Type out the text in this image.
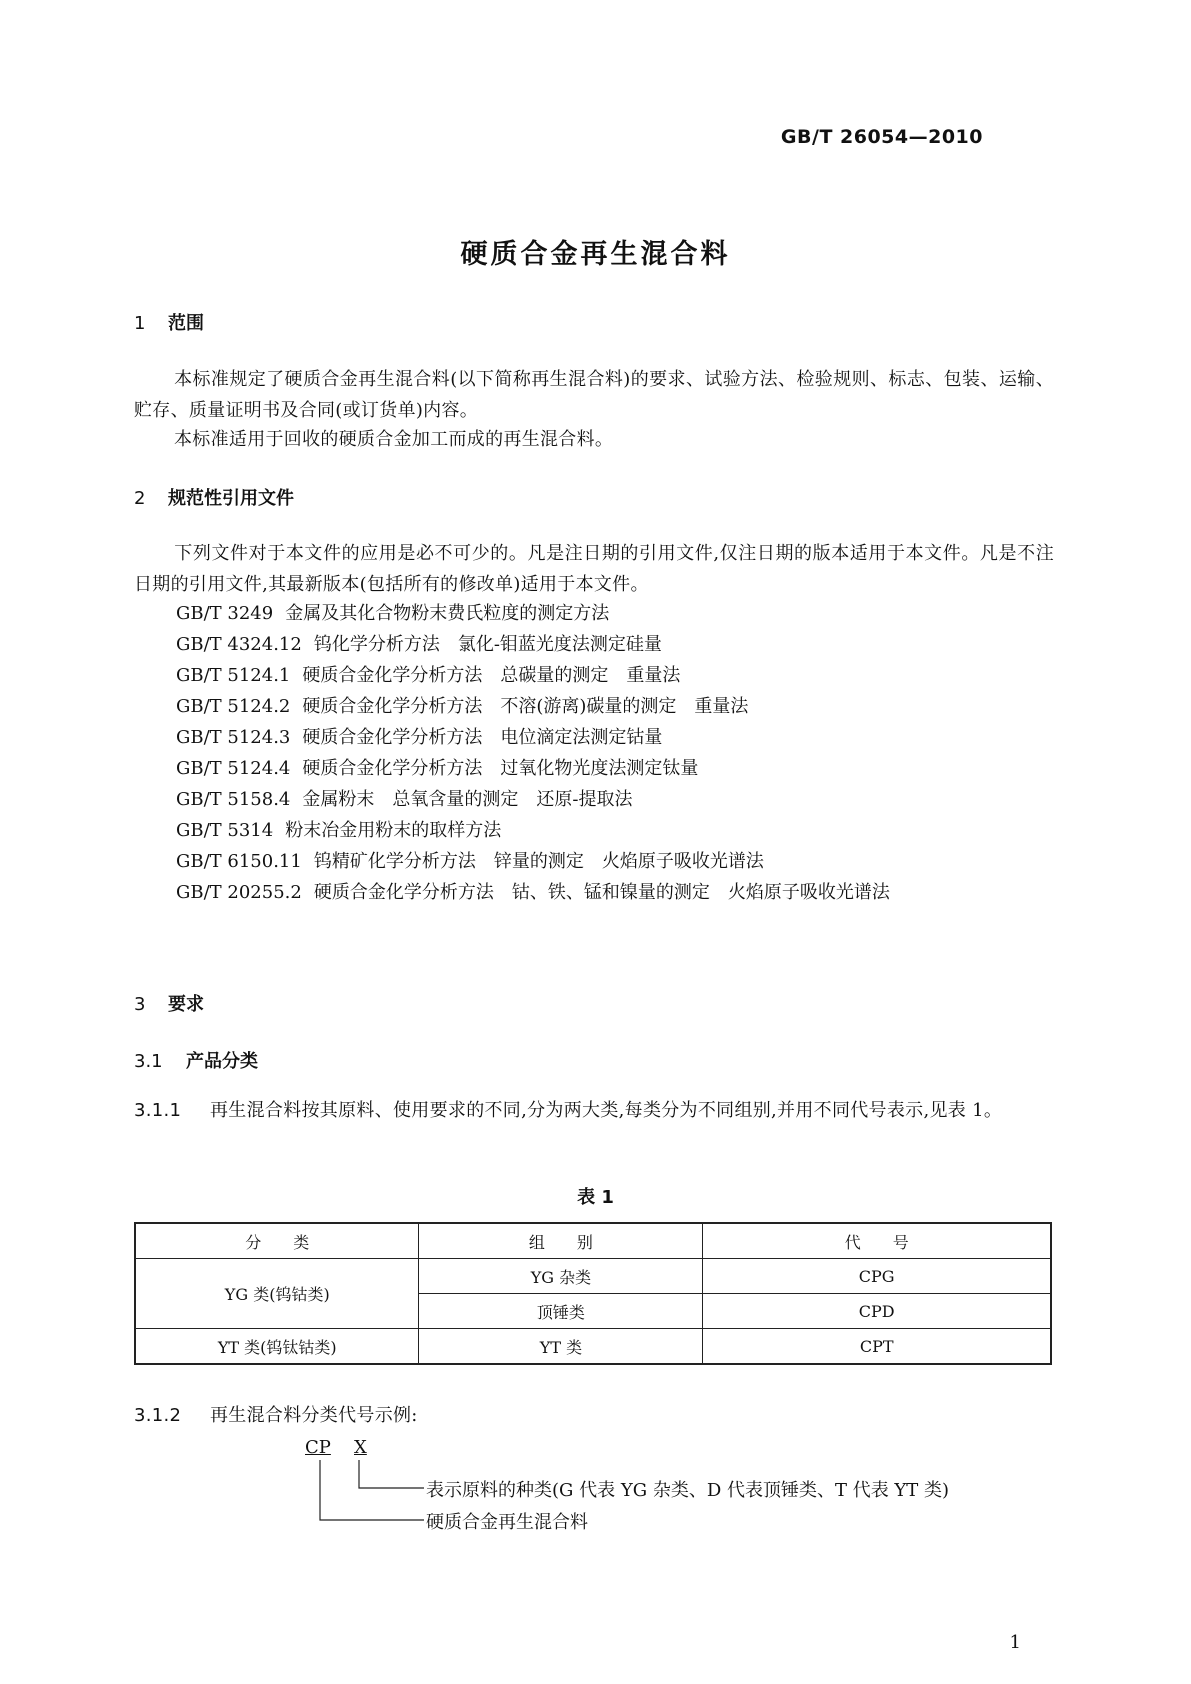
GB/T 26054—2010
硬质合金再生混合料
1 范围
本标准规定了硬质合金再生混合料(以下简称再生混合料)的要求、试验方法、检验规则、标志、包装、运输、贮存、质量证明书及合同(或订货单)内容。
本标准适用于回收的硬质合金加工而成的再生混合料。
2 规范性引用文件
下列文件对于本文件的应用是必不可少的。凡是注日期的引用文件,仅注日期的版本适用于本文件。凡是不注日期的引用文件,其最新版本(包括所有的修改单)适用于本文件。
GB/T 3249 金属及其化合物粉末费氏粒度的测定方法
GB/T 4324.12 钨化学分析方法　氯化-钼蓝光度法测定硅量
GB/T 5124.1 硬质合金化学分析方法　总碳量的测定　重量法
GB/T 5124.2 硬质合金化学分析方法　不溶(游离)碳量的测定　重量法
GB/T 5124.3 硬质合金化学分析方法　电位滴定法测定钴量
GB/T 5124.4 硬质合金化学分析方法　过氧化物光度法测定钛量
GB/T 5158.4 金属粉末　总氧含量的测定　还原-提取法
GB/T 5314 粉末冶金用粉末的取样方法
GB/T 6150.11 钨精矿化学分析方法　锌量的测定　火焰原子吸收光谱法
GB/T 20255.2 硬质合金化学分析方法　钴、铁、锰和镍量的测定　火焰原子吸收光谱法
3 要求
3.1 产品分类
3.1.1 再生混合料按其原料、使用要求的不同,分为两大类,每类分为不同组别,并用不同代号表示,见表 1。
表 1
分　　类	组　　别	代　　号
YG 类(钨钴类)	YG 杂类	CPG
	顶锤类	CPD
YT 类(钨钛钴类)	YT 类	CPT
3.1.2 再生混合料分类代号示例:
CP X
表示原料的种类(G 代表 YG 杂类、D 代表顶锤类、T 代表 YT 类)
硬质合金再生混合料
1
